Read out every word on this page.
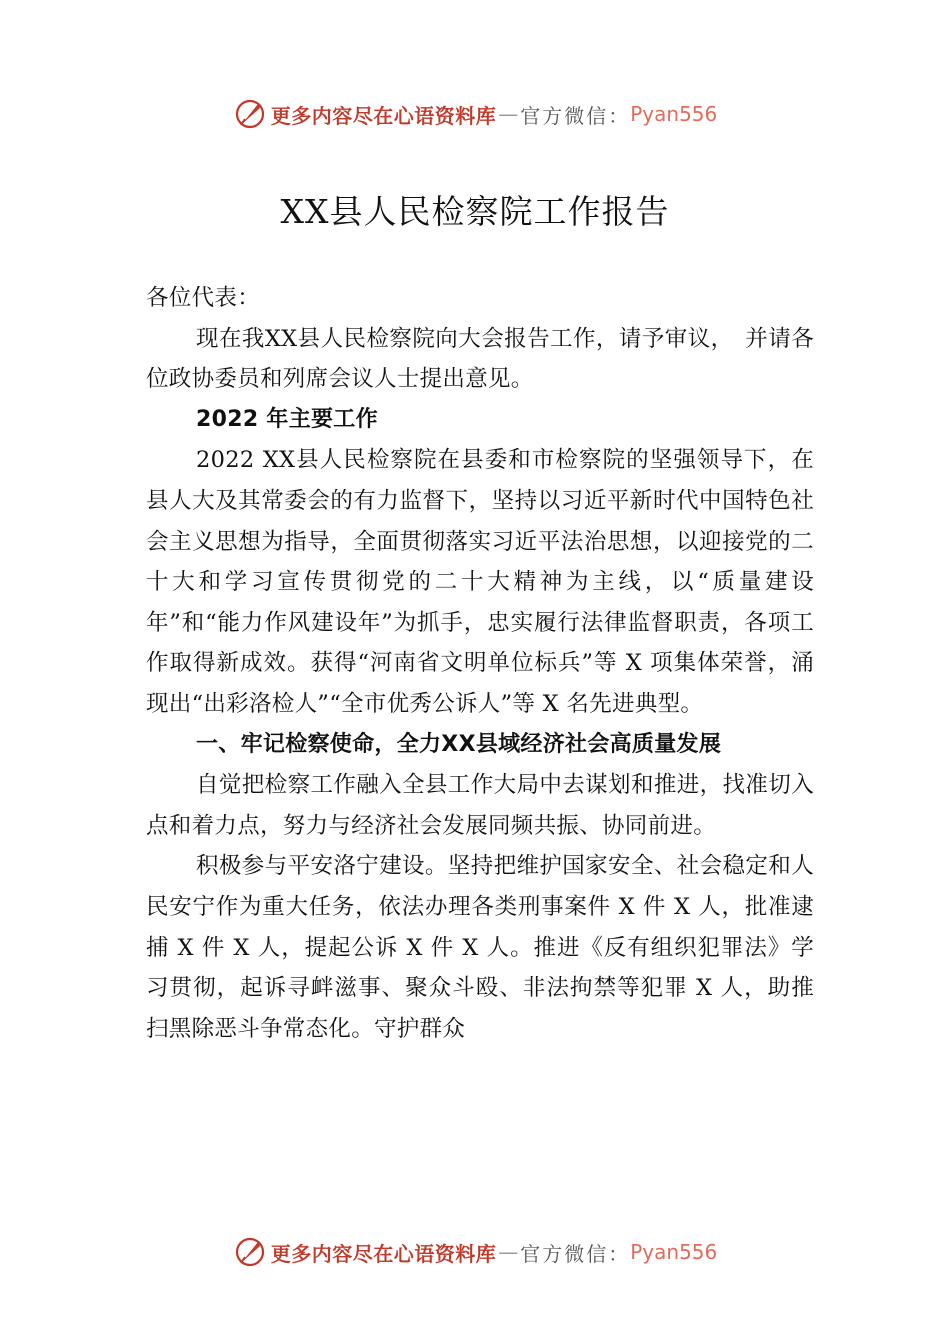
更多内容尽在心语资料库 — 官方微信： Pyan556
XX县人民检察院工作报告

各位代表：

现在我XX县人民检察院向大会报告工作，请予审议，　并请各位政协委员和列席会议人士提出意见。

2022 年主要工作

2022 XX县人民检察院在县委和市检察院的坚强领导下，在县人大及其常委会的有力监督下，坚持以习近平新时代中国特色社会主义思想为指导，全面贯彻落实习近平法治思想，以迎接党的二十大和学习宣传贯彻党的二十大精神为主线，以“质量建设年”和“能力作风建设年”为抓手，忠实履行法律监督职责，各项工作取得新成效。获得“河南省文明单位标兵”等 X 项集体荣誉，涌现出“出彩洛检人”“全市优秀公诉人”等 X 名先进典型。

一、牢记检察使命，全力XX县域经济社会高质量发展

自觉把检察工作融入全县工作大局中去谋划和推进，找准切入点和着力点，努力与经济社会发展同频共振、协同前进。

积极参与平安洛宁建设。坚持把维护国家安全、社会稳定和人民安宁作为重大任务，依法办理各类刑事案件 X 件 X 人，批准逮捕 X 件 X 人，提起公诉 X 件 X 人。推进《反有组织犯罪法》学习贯彻，起诉寻衅滋事、聚众斗殴、非法拘禁等犯罪 X 人，助推扫黑除恶斗争常态化。守护群众

更多内容尽在心语资料库 — 官方微信： Pyan556
